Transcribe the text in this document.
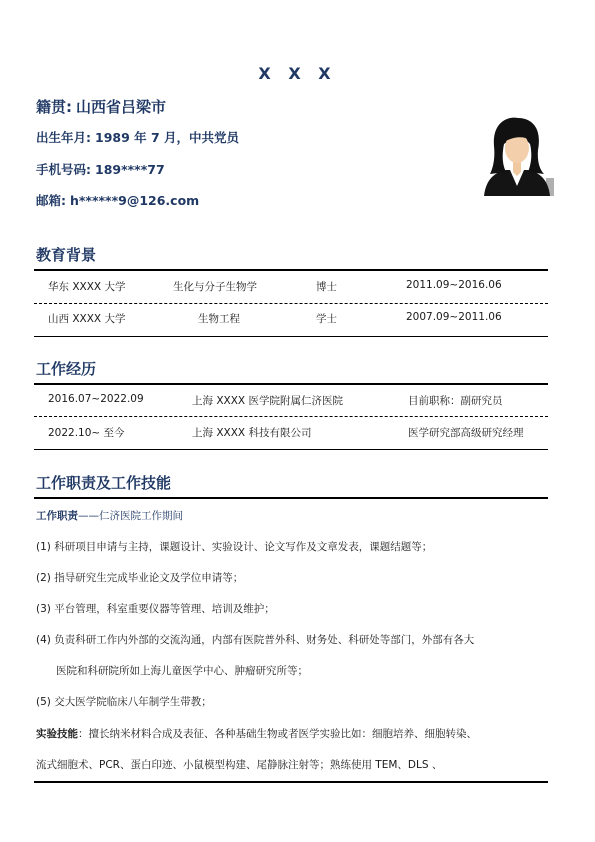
X X X
籍贯: 山西省吕梁市
出生年月: 1989 年 7 月，中共党员
手机号码: 189****77
邮箱: h******9@126.com
教育背景
华东 XXXX 大学	生化与分子生物学	博士	2011.09~2016.06
山西 XXXX 大学	生物工程	学士	2007.09~2011.06
工作经历
2016.07~2022.09	上海 XXXX 医学院附属仁济医院	目前职称：副研究员
2022.10~ 至今	上海 XXXX 科技有限公司	医学研究部高级研究经理
工作职责及工作技能
工作职责——仁济医院工作期间
(1) 科研项目申请与主持，课题设计、实验设计、论文写作及文章发表，课题结题等；
(2) 指导研究生完成毕业论文及学位申请等；
(3) 平台管理，科室重要仪器等管理、培训及维护；
(4) 负责科研工作内外部的交流沟通，内部有医院普外科、财务处、科研处等部门，外部有各大
医院和科研院所如上海儿童医学中心、肿瘤研究所等；
(5) 交大医学院临床八年制学生带教；
实验技能：擅长纳米材料合成及表征、各种基础生物或者医学实验比如：细胞培养、细胞转染、
流式细胞术、PCR、蛋白印迹、小鼠模型构建、尾静脉注射等；熟练使用 TEM、DLS 、
